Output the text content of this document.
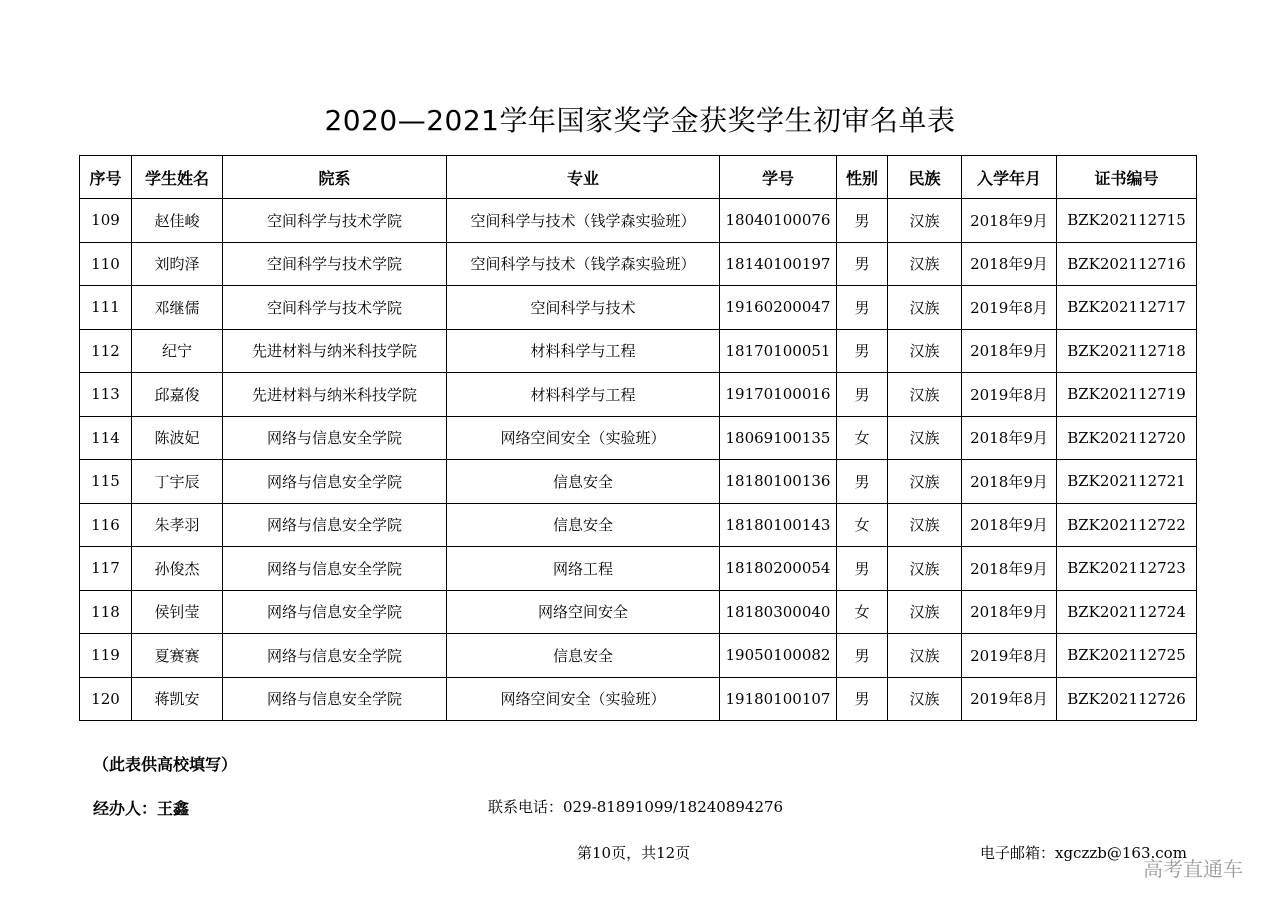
2020—2021学年国家奖学金获奖学生初审名单表
序号	学生姓名	院系	专业	学号	性别	民族	入学年月	证书编号
109	赵佳峻	空间科学与技术学院	空间科学与技术（钱学森实验班）	18040100076	男	汉族	2018年9月	BZK202112715
110	刘昀泽	空间科学与技术学院	空间科学与技术（钱学森实验班）	18140100197	男	汉族	2018年9月	BZK202112716
111	邓继儒	空间科学与技术学院	空间科学与技术	19160200047	男	汉族	2019年8月	BZK202112717
112	纪宁	先进材料与纳米科技学院	材料科学与工程	18170100051	男	汉族	2018年9月	BZK202112718
113	邱嘉俊	先进材料与纳米科技学院	材料科学与工程	19170100016	男	汉族	2019年8月	BZK202112719
114	陈波妃	网络与信息安全学院	网络空间安全（实验班）	18069100135	女	汉族	2018年9月	BZK202112720
115	丁宇辰	网络与信息安全学院	信息安全	18180100136	男	汉族	2018年9月	BZK202112721
116	朱孝羽	网络与信息安全学院	信息安全	18180100143	女	汉族	2018年9月	BZK202112722
117	孙俊杰	网络与信息安全学院	网络工程	18180200054	男	汉族	2018年9月	BZK202112723
118	侯钊莹	网络与信息安全学院	网络空间安全	18180300040	女	汉族	2018年9月	BZK202112724
119	夏赛赛	网络与信息安全学院	信息安全	19050100082	男	汉族	2019年8月	BZK202112725
120	蒋凯安	网络与信息安全学院	网络空间安全（实验班）	19180100107	男	汉族	2019年8月	BZK202112726
（此表供高校填写）
经办人：王鑫	联系电话：029-81891099/18240894276
第10页，共12页	电子邮箱：xgczzb@163.com
高考直通车
